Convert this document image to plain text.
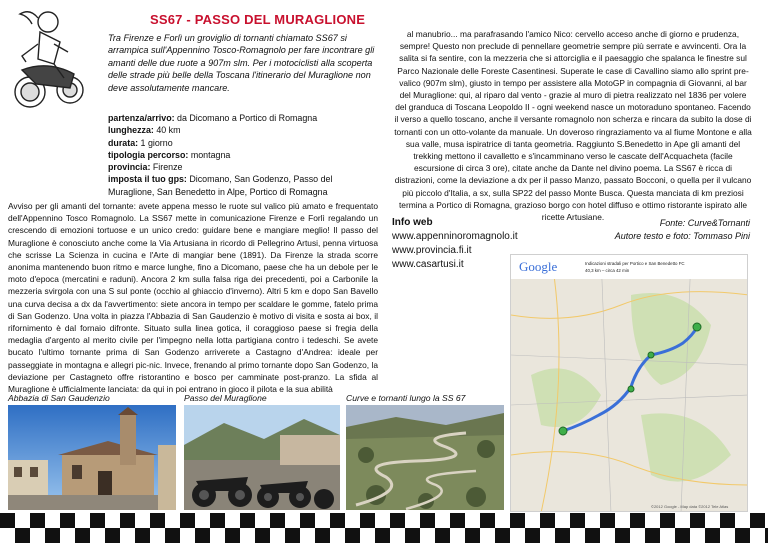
SS67 - PASSO DEL MURAGLIONE
Tra Firenze e Forlì un groviglio di tornanti chiamato SS67 si arrampica sull'Appennino Tosco-Romagnolo per fare incontrare gli amanti delle due ruote a 907m slm. Per i motociclisti alla scoperta delle strade più belle della Toscana l'itinerario del Muraglione non deve assolutamente mancare.
partenza/arrivo: da Dicomano a Portico di Romagna
lunghezza: 40 km
durata: 1 giorno
tipologia percorso: montagna
provincia: Firenze
imposta il tuo gps: Dicomano, San Godenzo, Passo del Muraglione, San Benedetto in Alpe, Portico di Romagna
Avviso per gli amanti del tornante: avete appena messo le ruote sul valico più amato e frequentato dell'Appennino Tosco Romagnolo. La SS67 mette in comunicazione Firenze e Forlì regalando un crescendo di emozioni tortuose e un unico credo: guidare bene e mangiare meglio! Il passo del Muraglione è conosciuto anche come la Via Artusiana in ricordo di Pellegrino Artusi, penna virtuosa che scrisse La Scienza in cucina e l'Arte di mangiar bene (1891). Da Firenze la strada scorre anonima mantenendo buon ritmo e marce lunghe, fino a Dicomano, paese che ha un debole per le moto d'epoca (mercatini e raduni). Ancora 2 km sulla falsa riga dei precedenti, poi a Carbonile la mezzeria svirgola con una S sul ponte (occhio al ghiaccio d'inverno). Altri 5 km e dopo San Bavello una curva decisa a dx da l'avvertimento: siete ancora in tempo per scaldare le gomme, fatelo prima di San Godenzo. Una volta in piazza l'Abbazia di San Gaudenzio è motivo di visita e sosta ai box, il rifornimento è dal fornaio difronte. Situato sulla linea gotica, il coraggioso paese si fregia della medaglia d'argento al merito civile per l'impegno nella lotta partigiana contro i tedeschi. Se avete bucato l'ultimo tornante prima di San Godenzo arriverete a Castagno d'Andrea: ideale per passeggiate in montagna e allegri pic-nic. Invece, frenando al primo tornante dopo San Godenzo, la deviazione per Castagneto offre ristorantino e bosco per camminate post-pranzo. La sfida al Muraglione è ufficialmente lanciata: da qui in poi entrano in gioco il pilota e la sua abilità
al manubrio... ma parafrasando l'amico Nico: cervello acceso anche di giorno e prudenza, sempre! Questo non preclude di pennellare geometrie sempre più serrate e avvincenti. Ora la salita si fa sentire, con la mezzeria che si attorciglia e il paesaggio che spalanca le finestre sul Parco Nazionale delle Foreste Casentinesi. Superate le case di Cavallino siamo allo sprint pre-valico (907m slm), giusto in tempo per assistere alla MotoGP in compagnia di Giovanni, al bar del Muraglione: qui, al riparo dal vento - grazie al muro di pietra realizzato nel 1836 per volere del granduca di Toscana Leopoldo II - ogni weekend nasce un motoraduno spontaneo. Facendo il verso a quello toscano, anche il versante romagnolo non scherza e rincara da subito la dose di tornanti con un otto-volante da manuale. Un doveroso ringraziamento va al fiume Montone e alla sua valle, musa ispiratrice di tanta geometria. Raggiunto S.Benedetto in Ape gli amanti del trekking mettono il cavalletto e s'incamminano verso le cascate dell'Acquacheta (facile escursione di circa 3 ore), citate anche da Dante nel divino poema. La SS67 è ricca di distrazioni, come la deviazione a dx per il passo Manzo, passato Bocconi, o quella per il vulcano più piccolo d'Italia, a sx, sulla SP22 del passo Monte Busca. Questa manciata di km preziosi termina a Portico di Romagna, grazioso borgo con hotel diffuso e ottimo ristorante ispirato alle ricette Artusiane.
Info web
www.appenninoromagnolo.it
www.provincia.fi.it
www.casartusi.it
Fonte: Curve&Tornanti
Autore testo e foto: Tommaso Pini
Abbazia di San Gaudenzio	Passo del Muraglione	Curve e tornanti lungo la SS 67
Google	Indicazioni stradali per Portico e San Benedetto FC
40,3 km – circa 42 min
©2012 Google - Map data ©2012 Tele Atlas
